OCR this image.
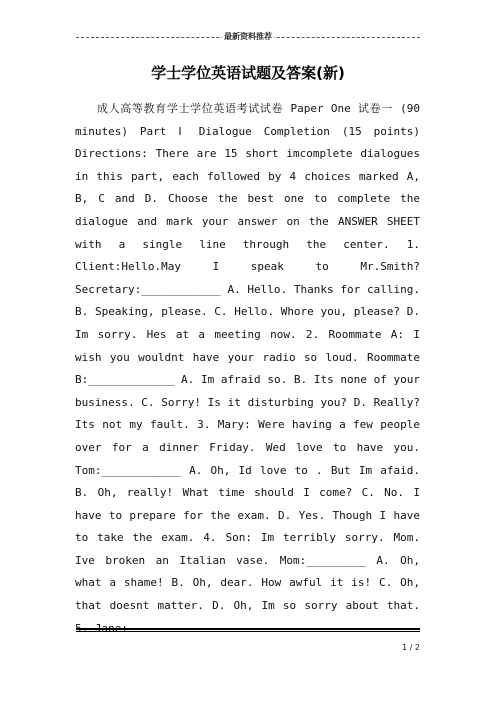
最新资料推荐
学士学位英语试题及答案(新)

成人高等教育学士学位英语考试试卷 Paper One 试卷一 (90 minutes) Part Ⅰ Dialogue Completion (15 points) Directions: There are 15 short imcomplete dialogues in this part, each followed by 4 choices marked A, B, C and D. Choose the best one to complete the dialogue and mark your answer on the ANSWER SHEET with a single line through the center. 1. Client:Hello.May I speak to Mr.Smith?Secretary:____________ A. Hello. Thanks for calling. B. Speaking, please. C. Hello. Whore you, please? D. Im sorry. Hes at a meeting now. 2. Roommate A: I wish you wouldnt have your radio so loud. Roommate B:_____________ A. Im afraid so. B. Its none of your business. C. Sorry! Is it disturbing you? D. Really? Its not my fault. 3. Mary: Were having a few people over for a dinner Friday. Wed love to have you. Tom:____________ A. Oh, Id love to . But Im afaid. B. Oh, really! What time should I come? C. No. I have to prepare for the exam. D. Yes. Though I have to take the exam. 4. Son: Im terribly sorry. Mom. Ive broken an Italian vase. Mom:_________ A. Oh, what a shame! B. Oh, dear. How awful it is! C. Oh, that doesnt matter. D. Oh, Im so sorry about that.

1 / 2
